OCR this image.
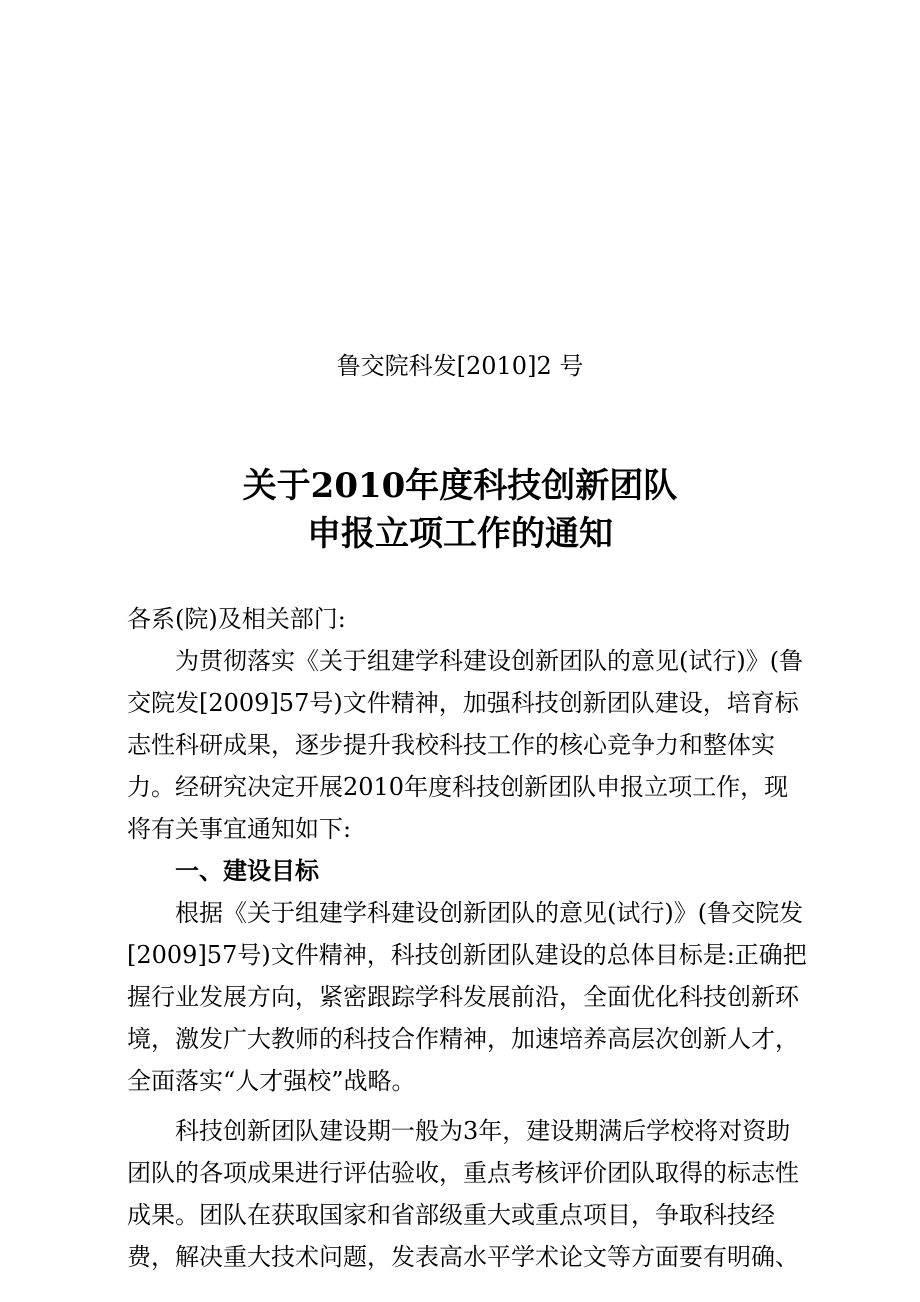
鲁交院科发[2010]2 号
关于2010年度科技创新团队
申报立项工作的通知

各系(院)及相关部门:

为贯彻落实《关于组建学科建设创新团队的意见(试行)》(鲁交院发[2009]57号)文件精神，加强科技创新团队建设，培育标志性科研成果，逐步提升我校科技工作的核心竞争力和整体实力。经研究决定开展2010年度科技创新团队申报立项工作，现将有关事宜通知如下:

一、建设目标

根据《关于组建学科建设创新团队的意见(试行)》(鲁交院发[2009]57号)文件精神，科技创新团队建设的总体目标是:正确把握行业发展方向，紧密跟踪学科发展前沿，全面优化科技创新环境，激发广大教师的科技合作精神，加速培养高层次创新人才，全面落实“人才强校”战略。

科技创新团队建设期一般为3年，建设期满后学校将对资助团队的各项成果进行评估验收，重点考核评价团队取得的标志性成果。团队在获取国家和省部级重大或重点项目，争取科技经费，解决重大技术问题，发表高水平学术论文等方面要有明确、
